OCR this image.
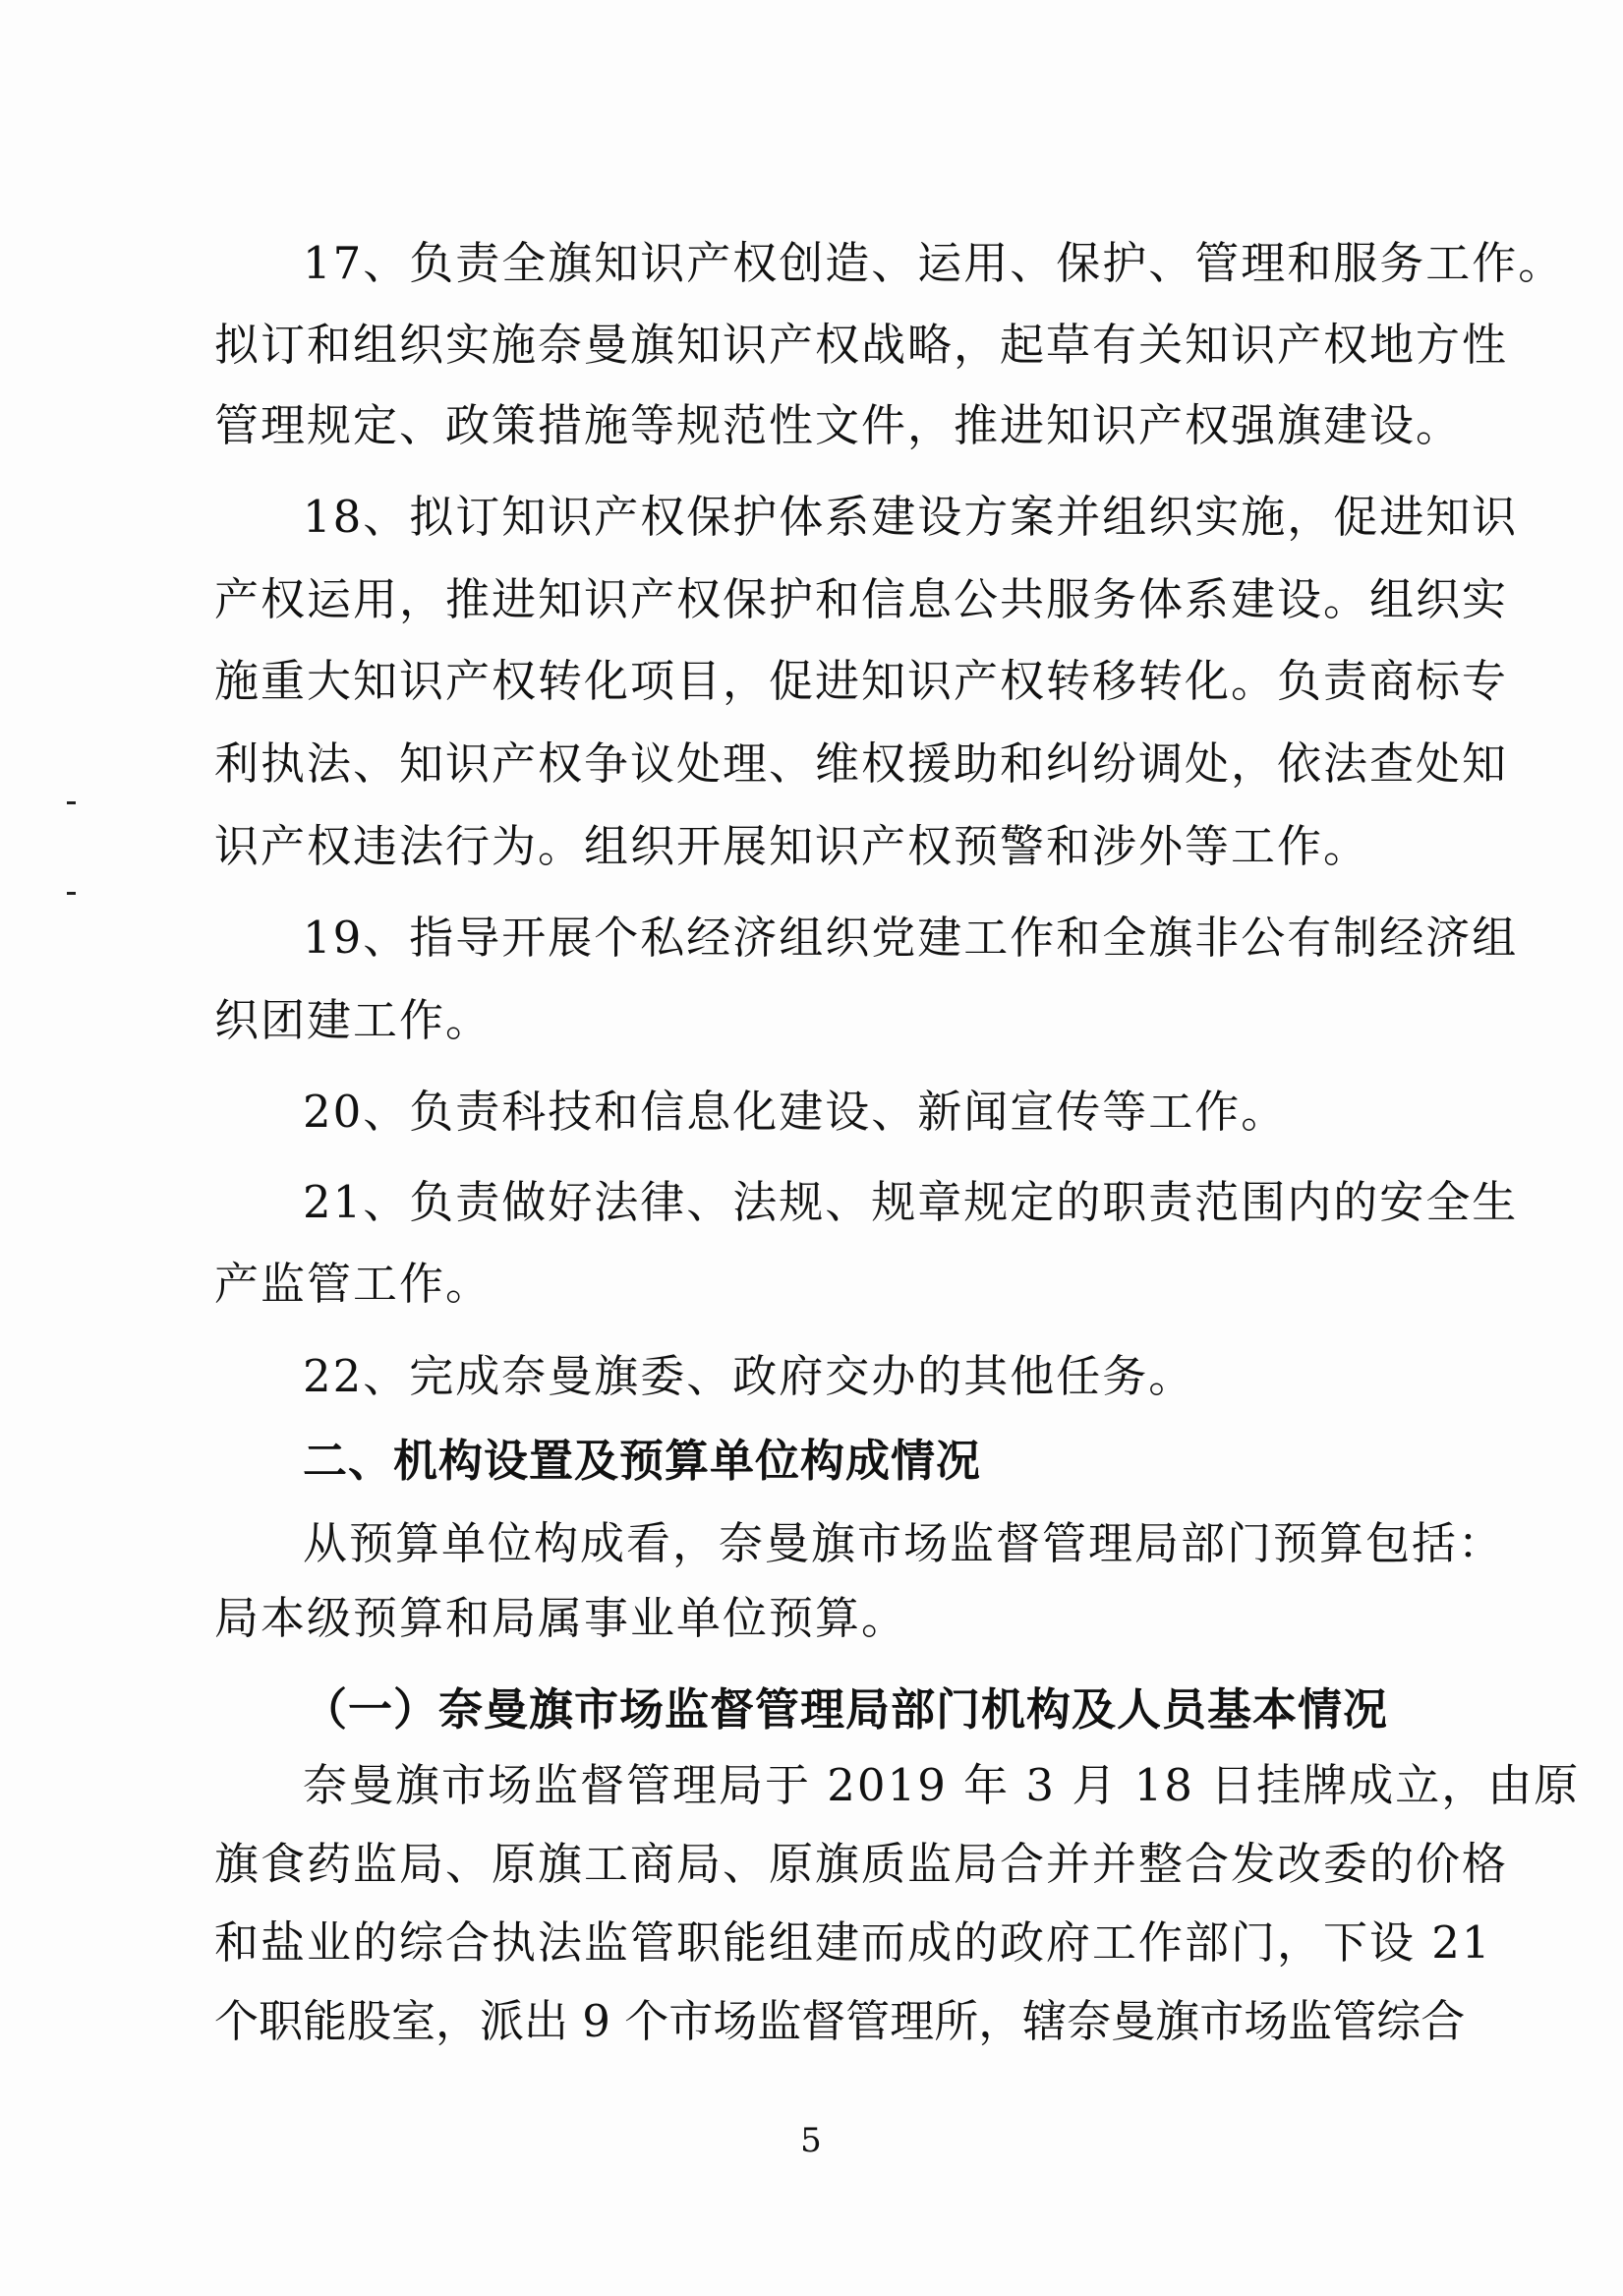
17、负责全旗知识产权创造、运用、保护、管理和服务工作。
拟订和组织实施奈曼旗知识产权战略，起草有关知识产权地方性
管理规定、政策措施等规范性文件，推进知识产权强旗建设。
18、拟订知识产权保护体系建设方案并组织实施，促进知识
产权运用，推进知识产权保护和信息公共服务体系建设。组织实
施重大知识产权转化项目，促进知识产权转移转化。负责商标专
利执法、知识产权争议处理、维权援助和纠纷调处，依法查处知
识产权违法行为。组织开展知识产权预警和涉外等工作。
19、指导开展个私经济组织党建工作和全旗非公有制经济组
织团建工作。
20、负责科技和信息化建设、新闻宣传等工作。
21、负责做好法律、法规、规章规定的职责范围内的安全生
产监管工作。
22、完成奈曼旗委、政府交办的其他任务。
二、机构设置及预算单位构成情况
从预算单位构成看，奈曼旗市场监督管理局部门预算包括：
局本级预算和局属事业单位预算。
（一）奈曼旗市场监督管理局部门机构及人员基本情况
奈曼旗市场监督管理局于 2019 年 3 月 18 日挂牌成立，由原
旗食药监局、原旗工商局、原旗质监局合并并整合发改委的价格
和盐业的综合执法监管职能组建而成的政府工作部门，下设 21
个职能股室，派出 9 个市场监督管理所，辖奈曼旗市场监管综合
5
